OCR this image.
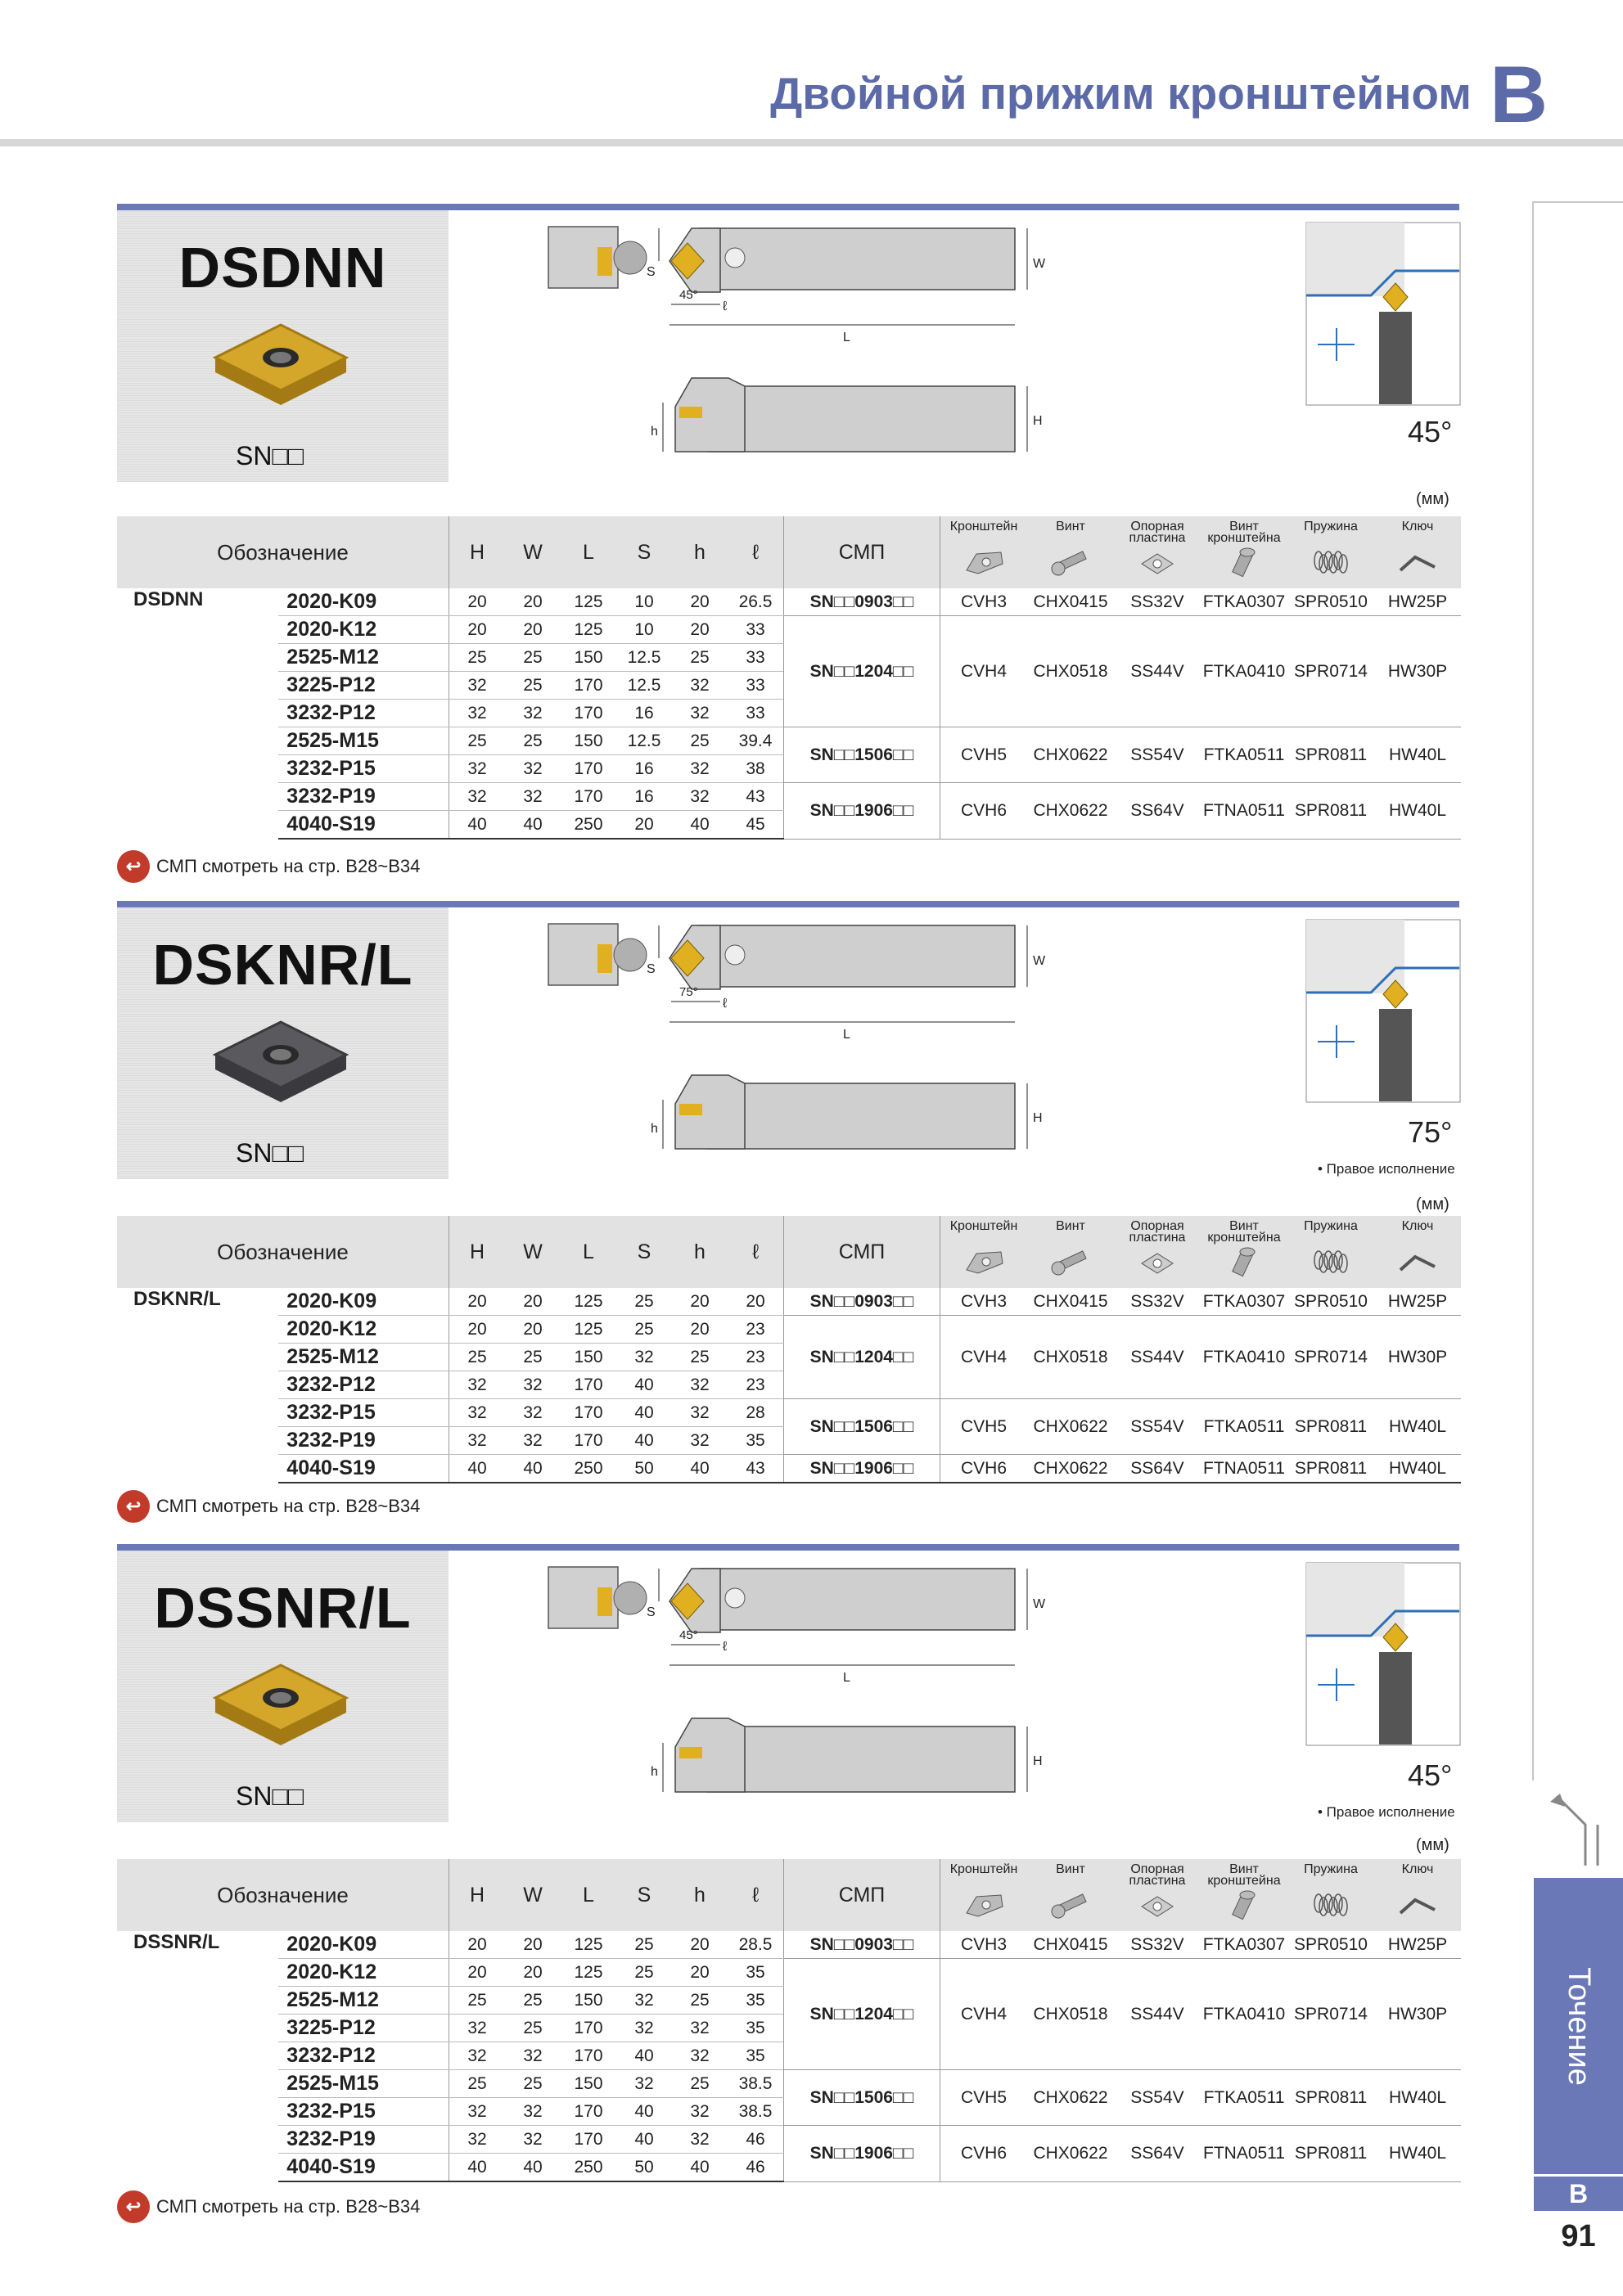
Двойной прижим кронштейном B
Точение
B
91
DSDNN
SN□□
S
W
L
ℓ
45°
h
H	45°
(мм)
Обозначение		H	W	L	S	h	ℓ	СМП	Кронштейн	Винт	Опорная пластина	Винт кронштейна	Пружина	Ключ

DSDNN	2020-K09	20	20	125	10	20	26.5	SN□□0903□□	CVH3	CHX0415	SS32V	FTKA0307	SPR0510	HW25P
	2020-K12	20	20	125	10	20	33	SN□□1204□□	CVH4	CHX0518	SS44V	FTKA0410	SPR0714	HW30P
	2525-M12	25	25	150	12.5	25	33							
	3225-P12	32	25	170	12.5	32	33							
	3232-P12	32	32	170	16	32	33							
	2525-M15	25	25	150	12.5	25	39.4	SN□□1506□□	CVH5	CHX0622	SS54V	FTKA0511	SPR0811	HW40L
	3232-P15	32	32	170	16	32	38							
	3232-P19	32	32	170	16	32	43	SN□□1906□□	CVH6	CHX0622	SS64V	FTNA0511	SPR0811	HW40L
	4040-S19	40	40	250	20	40	45							
↩ СМП смотреть на стр. B28~B34
DSKNR/L
SN□□
S
W
L
ℓ
75°
h
H	75°
• Правое исполнение
(мм)
Обозначение		H	W	L	S	h	ℓ	СМП	Кронштейн	Винт	Опорная пластина	Винт кронштейна	Пружина	Ключ

DSKNR/L	2020-K09	20	20	125	25	20	20	SN□□0903□□	CVH3	CHX0415	SS32V	FTKA0307	SPR0510	HW25P
	2020-K12	20	20	125	25	20	23	SN□□1204□□	CVH4	CHX0518	SS44V	FTKA0410	SPR0714	HW30P
	2525-M12	25	25	150	32	25	23							
	3232-P12	32	32	170	40	32	23							
	3232-P15	32	32	170	40	32	28	SN□□1506□□	CVH5	CHX0622	SS54V	FTKA0511	SPR0811	HW40L
	3232-P19	32	32	170	40	32	35							
	4040-S19	40	40	250	50	40	43	SN□□1906□□	CVH6	CHX0622	SS64V	FTNA0511	SPR0811	HW40L
↩ СМП смотреть на стр. B28~B34
DSSNR/L
SN□□
S
W
L
ℓ
45°
h
H	45°
• Правое исполнение
(мм)
Обозначение		H	W	L	S	h	ℓ	СМП	Кронштейн	Винт	Опорная пластина	Винт кронштейна	Пружина	Ключ

DSSNR/L	2020-K09	20	20	125	25	20	28.5	SN□□0903□□	CVH3	CHX0415	SS32V	FTKA0307	SPR0510	HW25P
	2020-K12	20	20	125	25	20	35	SN□□1204□□	CVH4	CHX0518	SS44V	FTKA0410	SPR0714	HW30P
	2525-M12	25	25	150	32	25	35							
	3225-P12	32	25	170	32	32	35							
	3232-P12	32	32	170	40	32	35							
	2525-M15	25	25	150	32	25	38.5	SN□□1506□□	CVH5	CHX0622	SS54V	FTKA0511	SPR0811	HW40L
	3232-P15	32	32	170	40	32	38.5							
	3232-P19	32	32	170	40	32	46	SN□□1906□□	CVH6	CHX0622	SS64V	FTNA0511	SPR0811	HW40L
	4040-S19	40	40	250	50	40	46							
↩ СМП смотреть на стр. B28~B34
